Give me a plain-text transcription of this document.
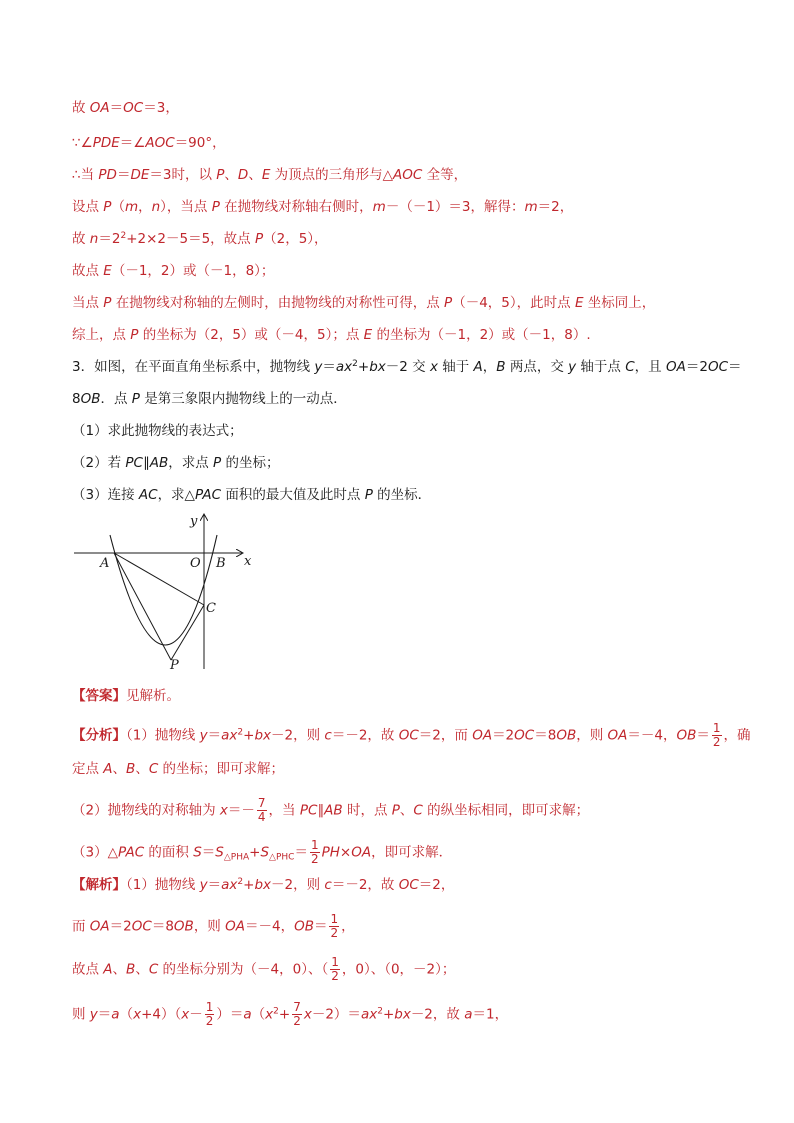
故 OA＝OC＝3，
∵∠PDE＝∠AOC＝90°，
∴当 PD＝DE＝3时，以 P、D、E 为顶点的三角形与△AOC 全等，
设点 P（m，n），当点 P 在抛物线对称轴右侧时，m－（－1）＝3，解得：m＝2，
故 $n=2^2+2\times 2-5=5$，故点 P（2，5），
故点 E（－1，2）或（－1，8）；
当点 P 在抛物线对称轴的左侧时，由抛物线的对称性可得，点 P（－4，5），此时点 E 坐标同上，
综上，点 P 的坐标为（2，5）或（－4，5）；点 E 的坐标为（－1，2）或（－1，8）.
3．如图，在平面直角坐标系中，抛物线 $y=ax^2+bx-2$ 交 x 轴于 A，B 两点，交 y 轴于点 C，且 OA＝2OC＝
8OB．点 P 是第三象限内抛物线上的一动点．
（1）求此抛物线的表达式；
（2）若 PC∥AB，求点 P 的坐标；
（3）连接 AC，求△PAC 面积的最大值及此时点 P 的坐标．
y
x
A	O B
C
P
【答案】见解析。
【分析】（1）抛物线 $y=ax^2+bx-2$，则 c＝－2，故 OC＝2，而 OA＝2OC＝8OB，则 OA＝－4，$OB= \frac{1}{2}$ ，确
定点 A、B、C 的坐标；即可求解；
（2）抛物线的对称轴为 $x=- \frac{7}{4}$ ，当 PC∥AB 时，点 P、C 的纵坐标相同，即可求解；
（3）△PAC 的面积 $S=S_{\triangle PHA}+S_{\triangle PHC}= \frac{1}{2} PH\times OA$，即可求解．
【解析】（1）抛物线 $y=ax^2+bx-2$，则 c＝－2，故 OC＝2，
而 OA＝2OC＝8OB，则 OA＝－4，$OB= \frac{1}{2}$ ，
故点 A、B、C 的坐标分别为（－4，0）、（ $\frac{1}{2}$ ，0）、（0，－2）；
则 $y=a(x+4)(x- \frac{1}{2} )=a(x^2+ \frac{7}{2} x-2)=ax^2+bx-2$，故 a＝1，
